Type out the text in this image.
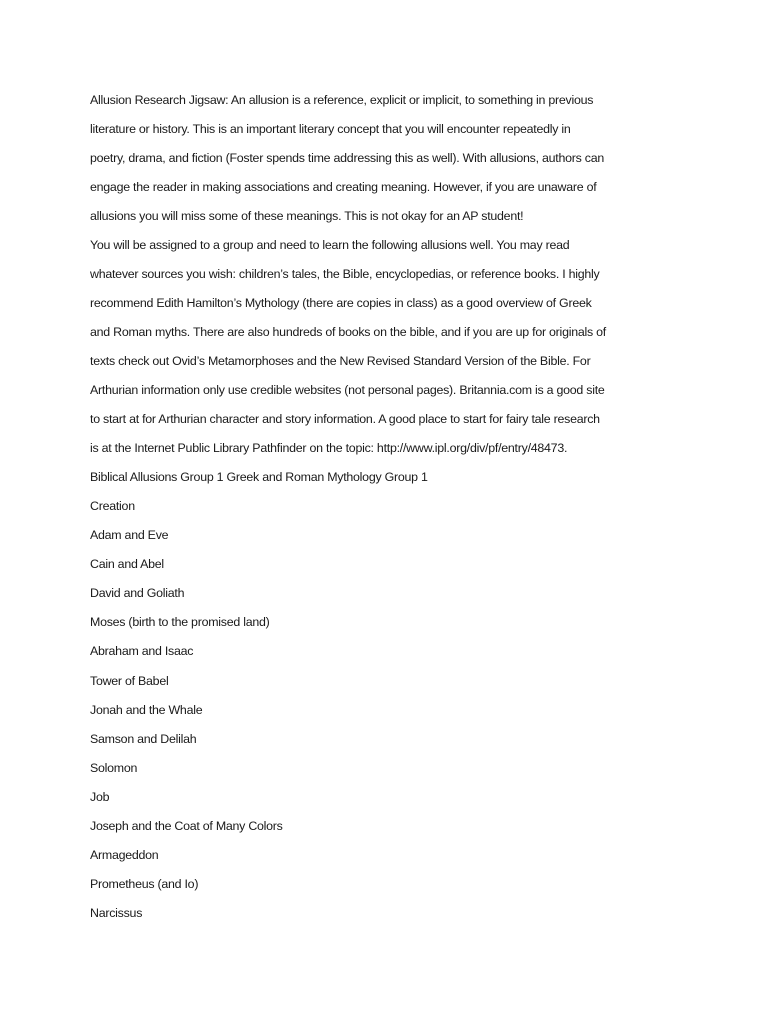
Allusion Research Jigsaw: An allusion is a reference, explicit or implicit, to something in previous
literature or history. This is an important literary concept that you will encounter repeatedly in
poetry, drama, and fiction (Foster spends time addressing this as well). With allusions, authors can
engage the reader in making associations and creating meaning. However, if you are unaware of
allusions you will miss some of these meanings. This is not okay for an AP student!
You will be assigned to a group and need to learn the following allusions well. You may read
whatever sources you wish: children’s tales, the Bible, encyclopedias, or reference books. I highly
recommend Edith Hamilton’s Mythology (there are copies in class) as a good overview of Greek
and Roman myths. There are also hundreds of books on the bible, and if you are up for originals of
texts check out Ovid’s Metamorphoses and the New Revised Standard Version of the Bible. For
Arthurian information only use credible websites (not personal pages). Britannia.com is a good site
to start at for Arthurian character and story information. A good place to start for fairy tale research
is at the Internet Public Library Pathfinder on the topic: http://www.ipl.org/div/pf/entry/48473.
Biblical Allusions Group 1 Greek and Roman Mythology Group 1
Creation
Adam and Eve
Cain and Abel
David and Goliath
Moses (birth to the promised land)
Abraham and Isaac
Tower of Babel
Jonah and the Whale
Samson and Delilah
Solomon
Job
Joseph and the Coat of Many Colors
Armageddon
Prometheus (and Io)
Narcissus
